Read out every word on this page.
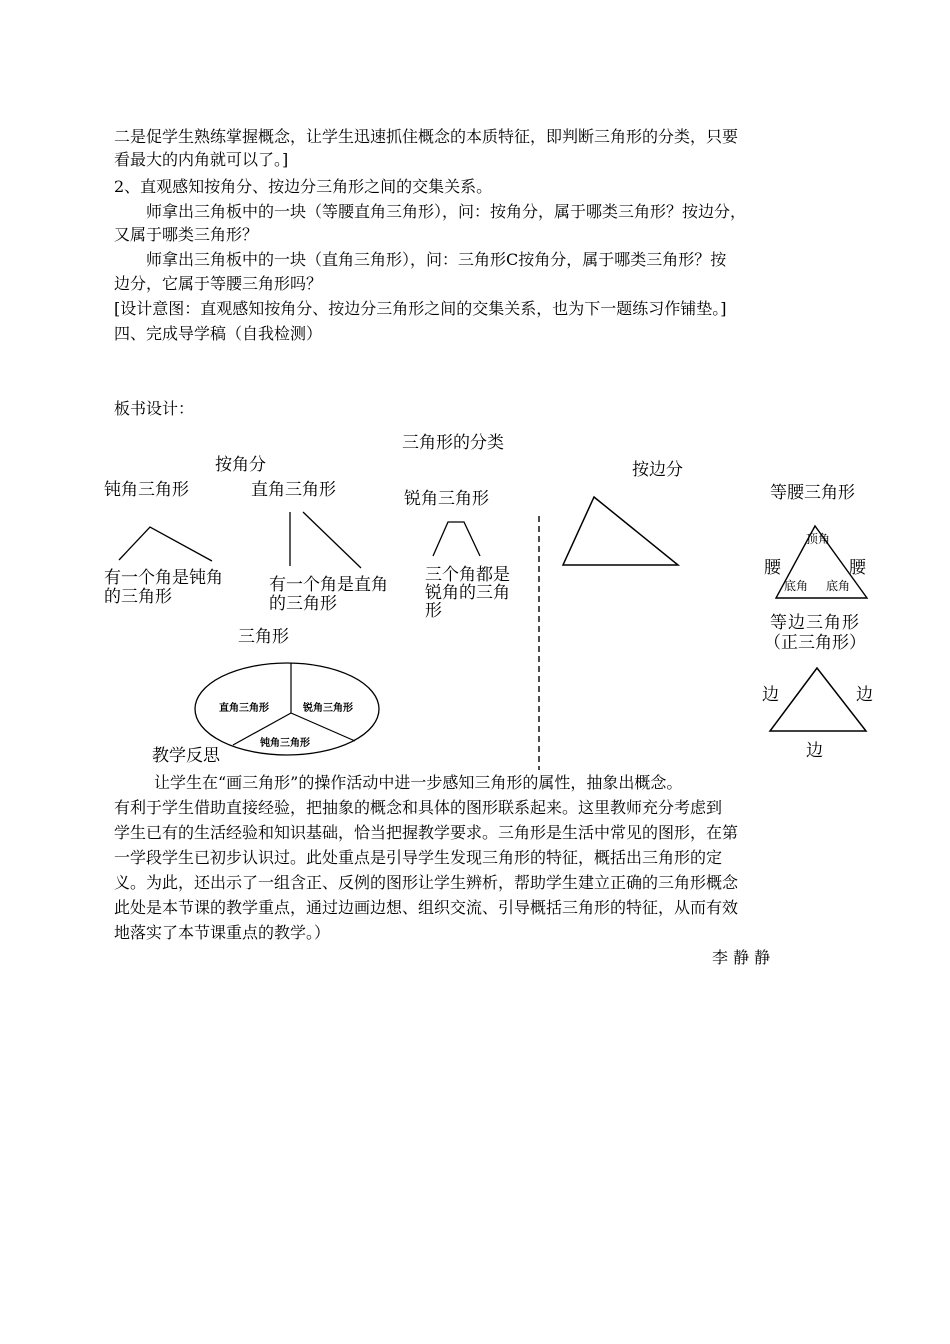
二是促学生熟练掌握概念，让学生迅速抓住概念的本质特征，即判断三角形的分类，只要
看最大的内角就可以了。]
2、直观感知按角分、按边分三角形之间的交集关系。
师拿出三角板中的一块（等腰直角三角形），问：按角分，属于哪类三角形？按边分，
又属于哪类三角形？
师拿出三角板中的一块（直角三角形），问：三角形C按角分，属于哪类三角形？按
边分，它属于等腰三角形吗？
[设计意图：直观感知按角分、按边分三角形之间的交集关系，也为下一题练习作铺垫。]
四、完成导学稿（自我检测）
板书设计：
三角形的分类
按角分	按边分
钝角三角形	直角三角形	锐角三角形
有一个角是钝角
的三角形
有一个角是直角
的三角形
三个角都是
锐角的三角
形
等腰三角形
顶角
腰	腰
底角 底角
等边三角形
（正三角形）
边	边
边
三角形
直角三角形	锐角三角形
钝角三角形
教学反思
让学生在“画三角形”的操作活动中进一步感知三角形的属性，抽象出概念。
有利于学生借助直接经验，把抽象的概念和具体的图形联系起来。这里教师充分考虑到
学生已有的生活经验和知识基础，恰当把握教学要求。三角形是生活中常见的图形，在第
一学段学生已初步认识过。此处重点是引导学生发现三角形的特征，概括出三角形的定
义。为此，还出示了一组含正、反例的图形让学生辨析，帮助学生建立正确的三角形概念
此处是本节课的教学重点，通过边画边想、组织交流、引导概括三角形的特征，从而有效
地落实了本节课重点的教学。）
李 静 静
